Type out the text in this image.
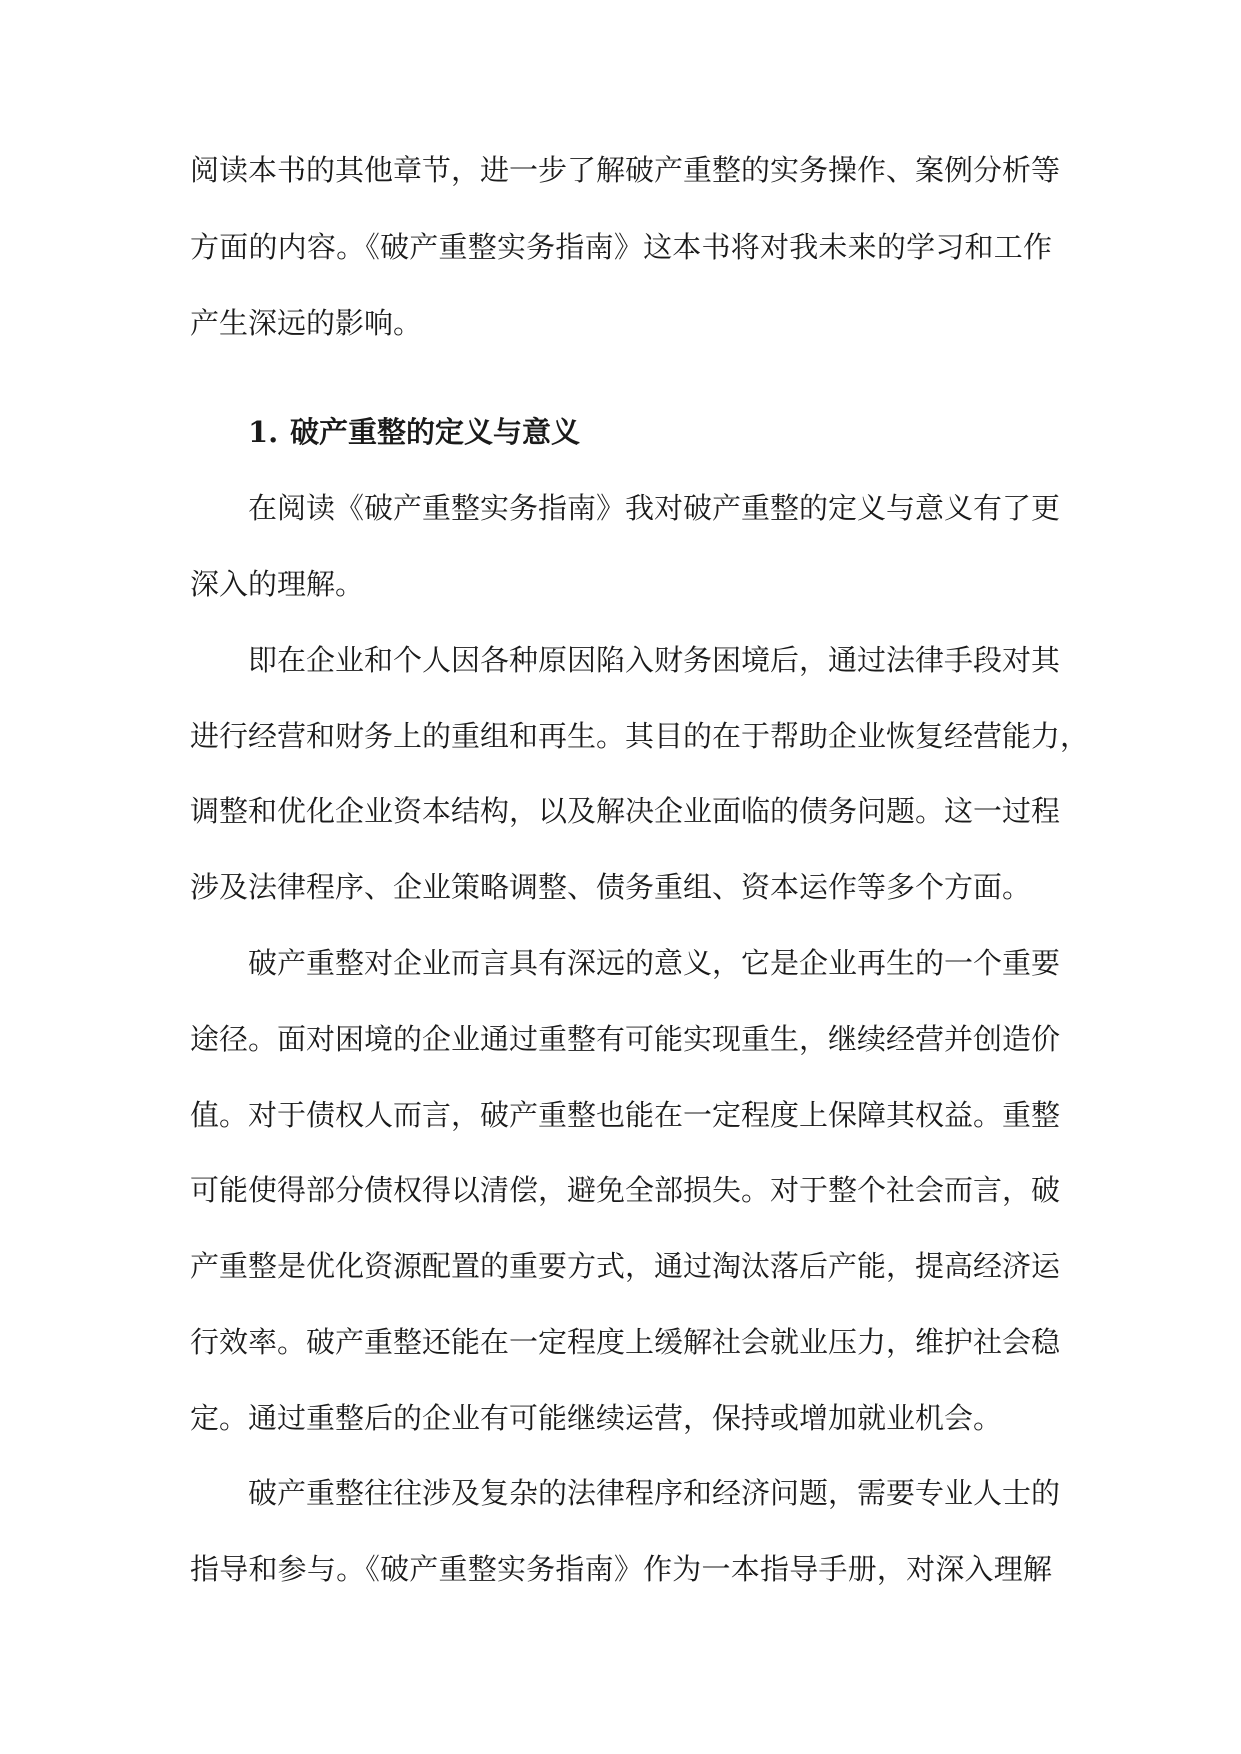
阅读本书的其他章节，进一步了解破产重整的实务操作、案例分析等
方面的内容。《破产重整实务指南》这本书将对我未来的学习和工作
产生深远的影响。
1. 破产重整的定义与意义
在阅读《破产重整实务指南》我对破产重整的定义与意义有了更
深入的理解。
即在企业和个人因各种原因陷入财务困境后，通过法律手段对其
进行经营和财务上的重组和再生。其目的在于帮助企业恢复经营能力，
调整和优化企业资本结构，以及解决企业面临的债务问题。这一过程
涉及法律程序、企业策略调整、债务重组、资本运作等多个方面。
破产重整对企业而言具有深远的意义，它是企业再生的一个重要
途径。面对困境的企业通过重整有可能实现重生，继续经营并创造价
值。对于债权人而言，破产重整也能在一定程度上保障其权益。重整
可能使得部分债权得以清偿，避免全部损失。对于整个社会而言，破
产重整是优化资源配置的重要方式，通过淘汰落后产能，提高经济运
行效率。破产重整还能在一定程度上缓解社会就业压力，维护社会稳
定。通过重整后的企业有可能继续运营，保持或增加就业机会。
破产重整往往涉及复杂的法律程序和经济问题，需要专业人士的
指导和参与。《破产重整实务指南》作为一本指导手册，对深入理解
